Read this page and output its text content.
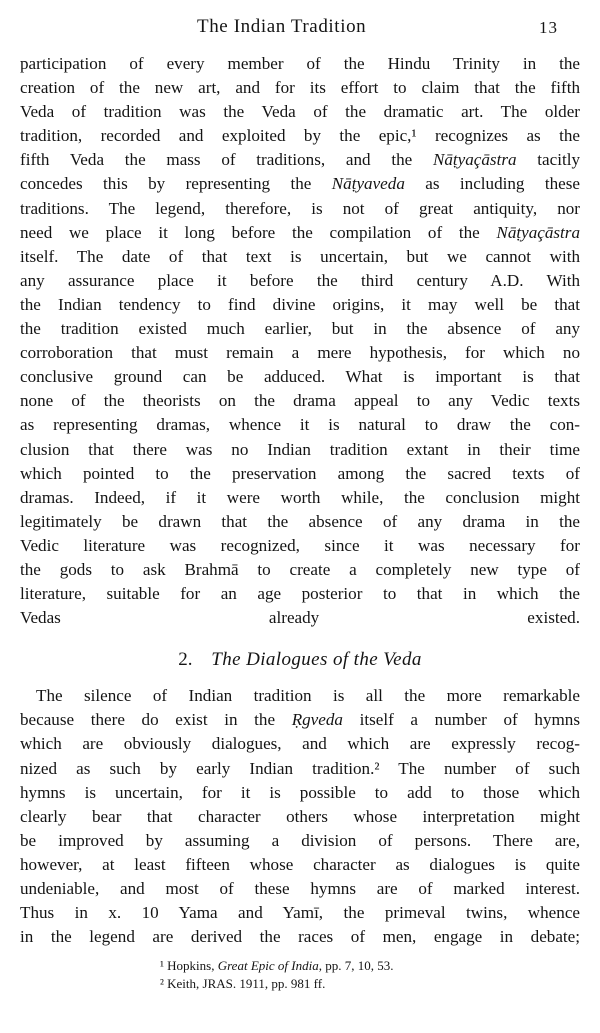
The Indian Tradition	13
participation of every member of the Hindu Trinity in the
creation of the new art, and for its effort to claim that the fifth
Veda of tradition was the Veda of the dramatic art. The older
tradition, recorded and exploited by the epic,¹ recognizes as the
fifth Veda the mass of traditions, and the Nāṭyaçāstra tacitly
concedes this by representing the Nāṭyaveda as including these
traditions. The legend, therefore, is not of great antiquity, nor
need we place it long before the compilation of the Nāṭyaçāstra
itself. The date of that text is uncertain, but we cannot with
any assurance place it before the third century A.D. With
the Indian tendency to find divine origins, it may well be that
the tradition existed much earlier, but in the absence of any
corroboration that must remain a mere hypothesis, for which no
conclusive ground can be adduced. What is important is that
none of the theorists on the drama appeal to any Vedic texts
as representing dramas, whence it is natural to draw the con-
clusion that there was no Indian tradition extant in their time
which pointed to the preservation among the sacred texts of
dramas. Indeed, if it were worth while, the conclusion might
legitimately be drawn that the absence of any drama in the
Vedic literature was recognized, since it was necessary for
the gods to ask Brahmā to create a completely new type of
literature, suitable for an age posterior to that in which the
Vedas already existed.
2. The Dialogues of the Veda
The silence of Indian tradition is all the more remarkable
because there do exist in the Ṛgveda itself a number of hymns
which are obviously dialogues, and which are expressly recog-
nized as such by early Indian tradition.² The number of such
hymns is uncertain, for it is possible to add to those which
clearly bear that character others whose interpretation might
be improved by assuming a division of persons. There are,
however, at least fifteen whose character as dialogues is quite
undeniable, and most of these hymns are of marked interest.
Thus in x. 10 Yama and Yamī, the primeval twins, whence
in the legend are derived the races of men, engage in debate;
¹ Hopkins, Great Epic of India, pp. 7, 10, 53.
² Keith, JRAS. 1911, pp. 981 ff.
